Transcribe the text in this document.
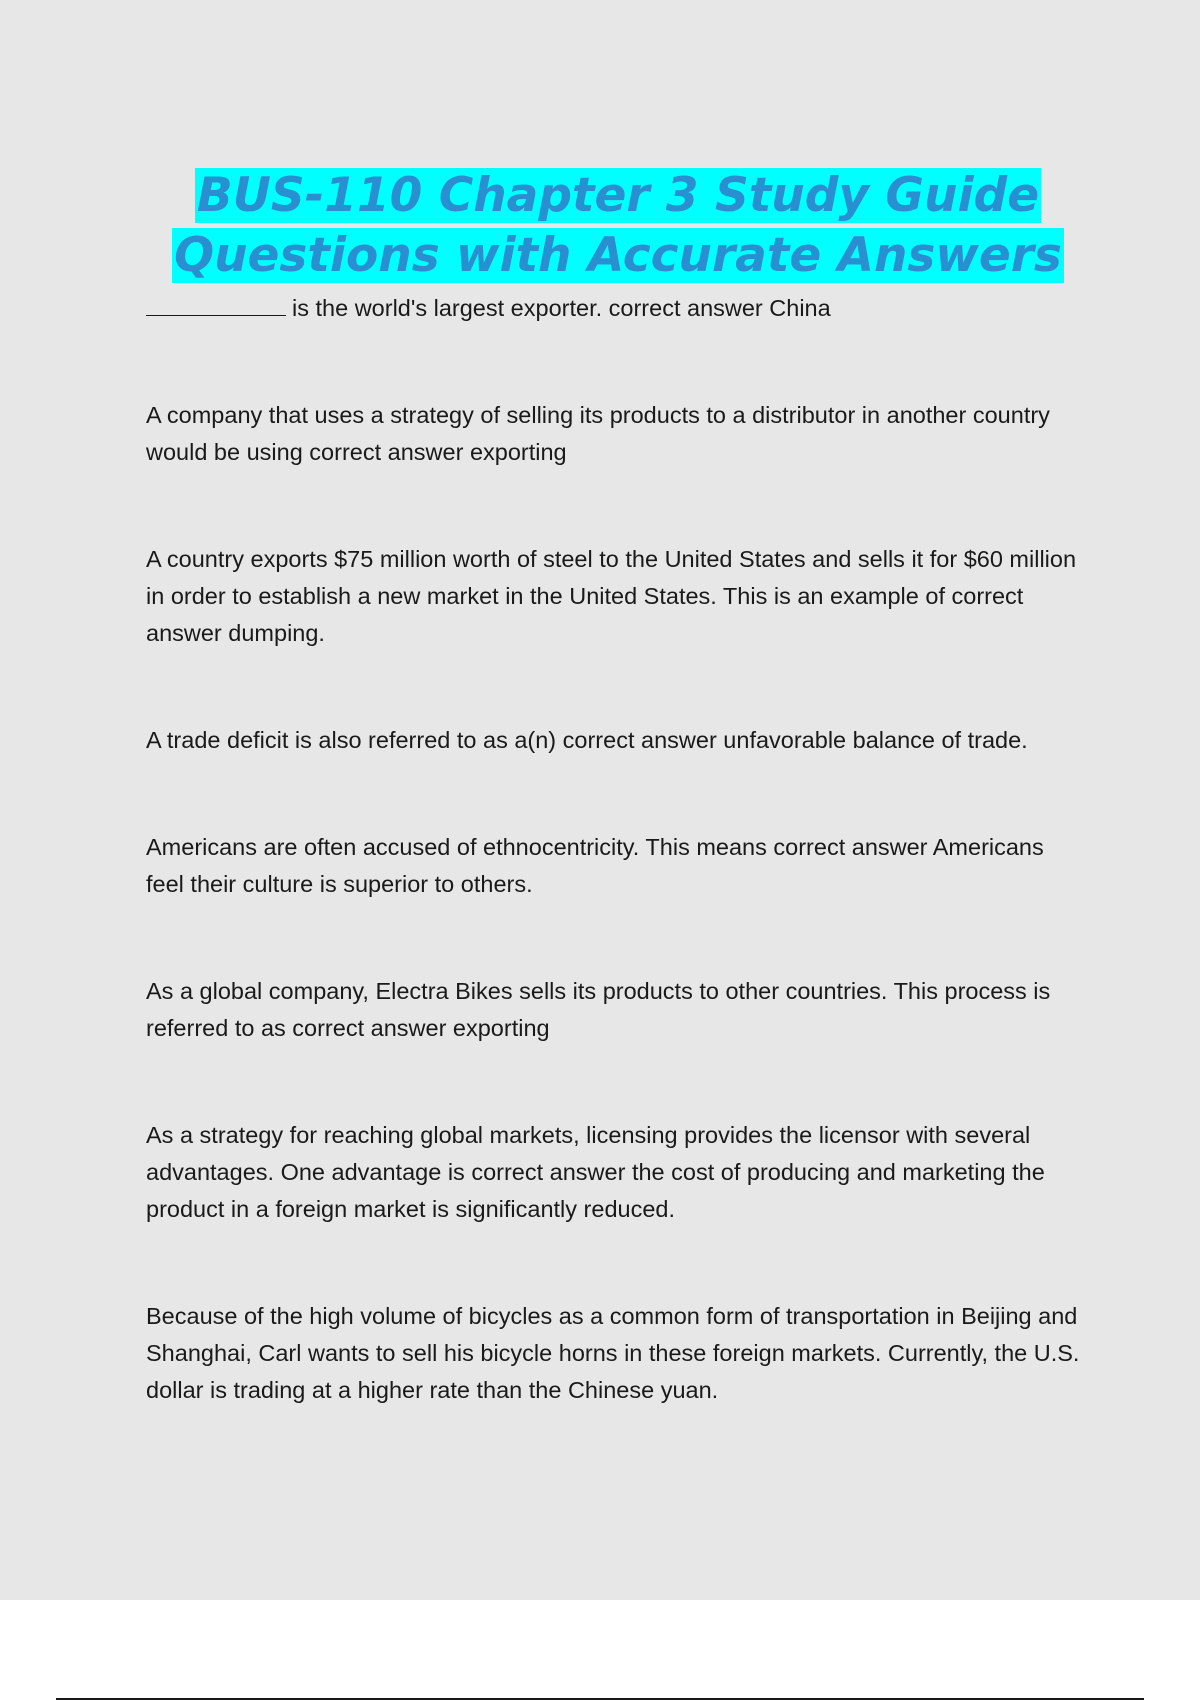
BUS-110 Chapter 3 Study Guide
Questions with Accurate Answers

is the world's largest exporter. correct answer China

A company that uses a strategy of selling its products to a distributor in another country would be using correct answer exporting

A country exports $75 million worth of steel to the United States and sells it for $60 million in order to establish a new market in the United States. This is an example of correct answer dumping.

A trade deficit is also referred to as a(n) correct answer unfavorable balance of trade.

Americans are often accused of ethnocentricity. This means correct answer Americans feel their culture is superior to others.

As a global company, Electra Bikes sells its products to other countries. This process is referred to as correct answer exporting

As a strategy for reaching global markets, licensing provides the licensor with several advantages. One advantage is correct answer the cost of producing and marketing the product in a foreign market is significantly reduced.

Because of the high volume of bicycles as a common form of transportation in Beijing and Shanghai, Carl wants to sell his bicycle horns in these foreign markets. Currently, the U.S. dollar is trading at a higher rate than the Chinese yuan.
